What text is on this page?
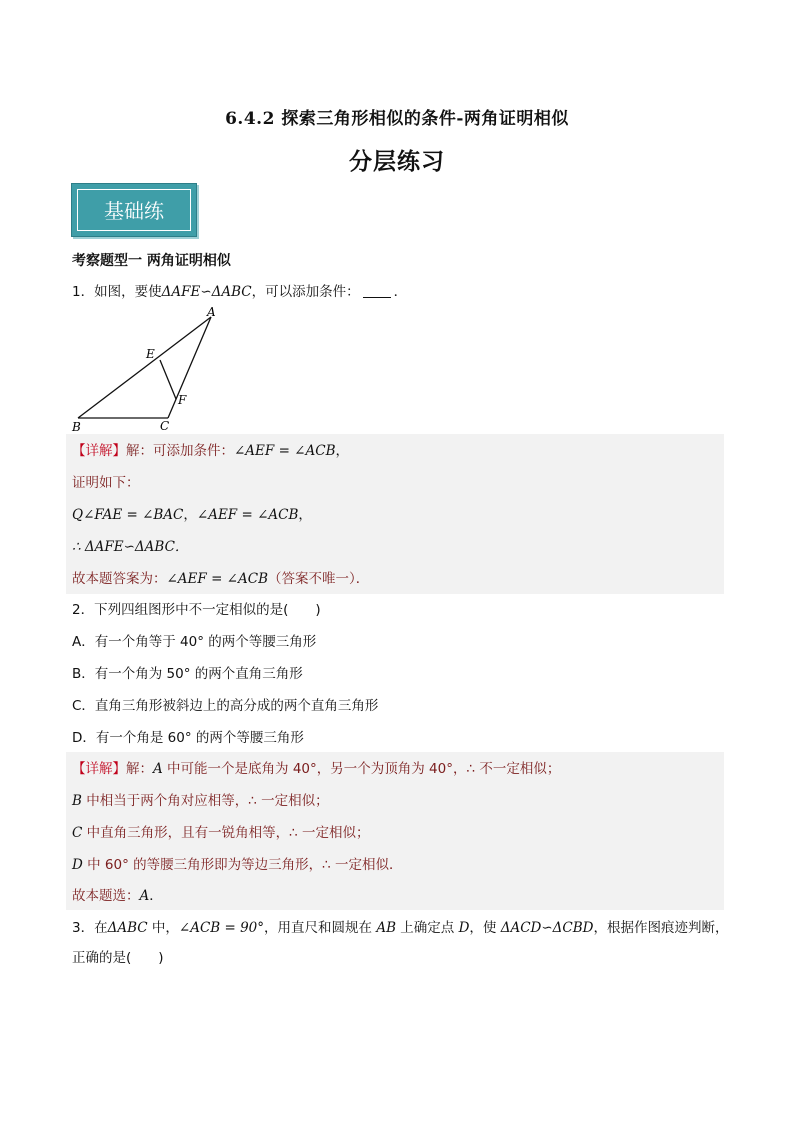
6.4.2 探索三角形相似的条件-两角证明相似
分层练习
基础练
考察题型一 两角证明相似
1．如图，要使ΔAFE∽ΔABC，可以添加条件：	．
A
E
F
B	C
【详解】解：可添加条件：∠AEF = ∠ACB，
证明如下：
Q∠FAE = ∠BAC，∠AEF = ∠ACB，
∴ ΔAFE∽ΔABC．
故本题答案为：∠AEF = ∠ACB（答案不唯一）．
2．下列四组图形中不一定相似的是(　　)
A．有一个角等于 40° 的两个等腰三角形
B．有一个角为 50° 的两个直角三角形
C．直角三角形被斜边上的高分成的两个直角三角形
D．有一个角是 60° 的两个等腰三角形
【详解】解：A 中可能一个是底角为 40°，另一个为顶角为 40°，∴ 不一定相似；
B 中相当于两个角对应相等，∴ 一定相似；
C 中直角三角形，且有一锐角相等，∴ 一定相似；
D 中 60° 的等腰三角形即为等边三角形，∴ 一定相似．
故本题选：A．
3．在ΔABC 中，∠ACB = 90°，用直尺和圆规在 AB 上确定点 D，使 ΔACD∽ΔCBD，根据作图痕迹判断，
正确的是(　　)
